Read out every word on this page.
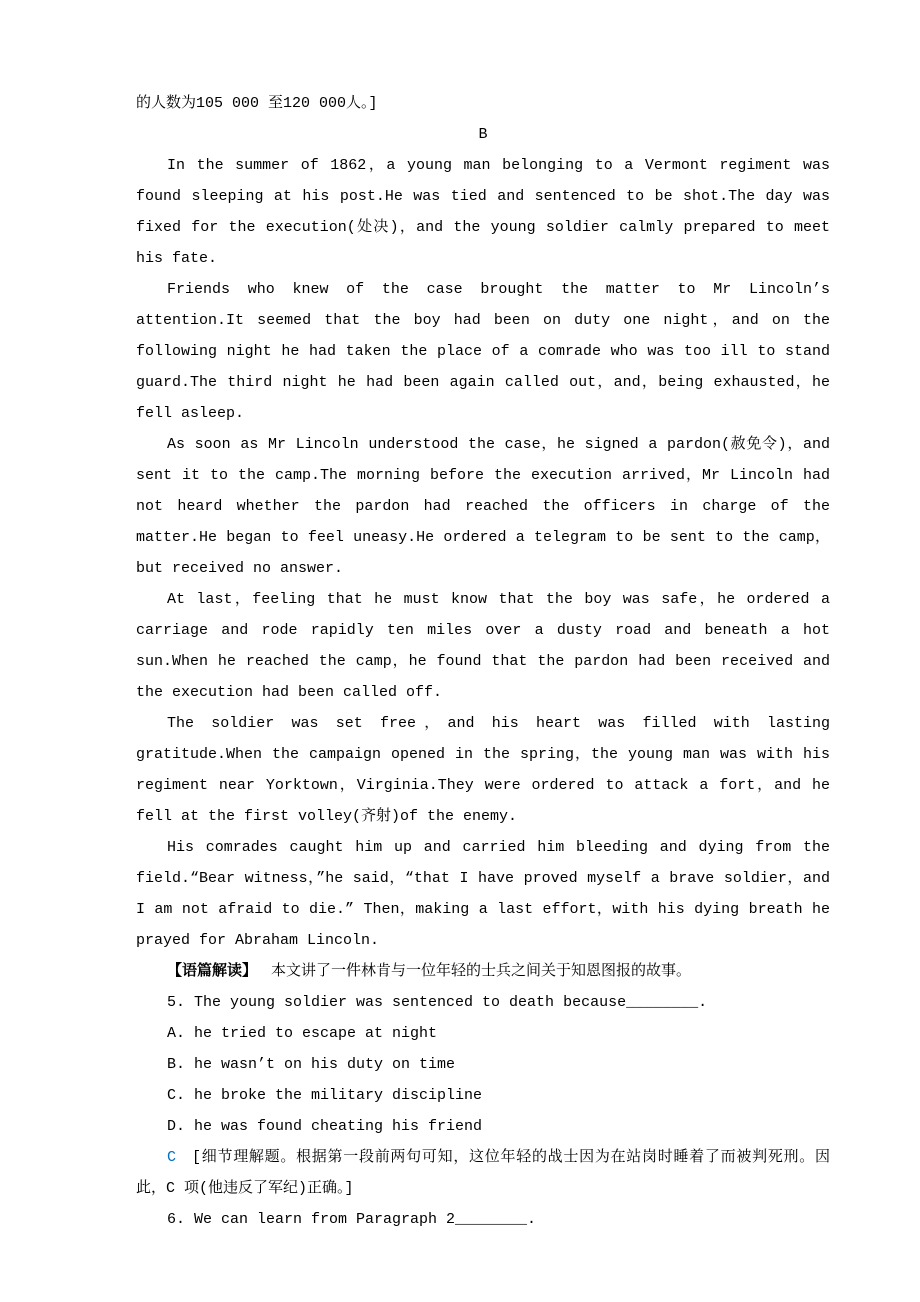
的人数为105 000 至120 000人。]

B

In the summer of 1862，a young man belonging to a Vermont regiment was found sleeping at his post.He was tied and sentenced to be shot.The day was fixed for the execution(处决)，and the young soldier calmly prepared to meet his fate.

Friends who knew of the case brought the matter to Mr Lincoln’s attention.It seemed that the boy had been on duty one night，and on the following night he had taken the place of a comrade who was too ill to stand guard.The third night he had been again called out，and，being exhausted，he fell asleep.

As soon as Mr Lincoln understood the case，he signed a pardon(赦免令)，and sent it to the camp.The morning before the execution arrived，Mr Lincoln had not heard whether the pardon had reached the officers in charge of the matter.He began to feel uneasy.He ordered a telegram to be sent to the camp，but received no answer.

At last，feeling that he must know that the boy was safe，he ordered a carriage and rode rapidly ten miles over a dusty road and beneath a hot sun.When he reached the camp，he found that the pardon had been received and the execution had been called off.

The soldier was set free，and his heart was filled with lasting gratitude.When the campaign opened in the spring，the young man was with his regiment near Yorktown，Virginia.They were ordered to attack a fort，and he fell at the first volley(齐射)of the enemy.

His comrades caught him up and carried him bleeding and dying from the field.“Bear witness，”he said，“that I have proved myself a brave soldier，and I am not afraid to die.” Then，making a last effort，with his dying breath he prayed for Abraham Lincoln.

【语篇解读】 本文讲了一件林肯与一位年轻的士兵之间关于知恩图报的故事。

5. The young soldier was sentenced to death because________.

A. he tried to escape at night

B. he wasn’t on his duty on time

C. he broke the military discipline

D. he was found cheating his friend

C [细节理解题。根据第一段前两句可知，这位年轻的战士因为在站岗时睡着了而被判死刑。因此，C 项(他违反了军纪)正确。]

6. We can learn from Paragraph 2________.
